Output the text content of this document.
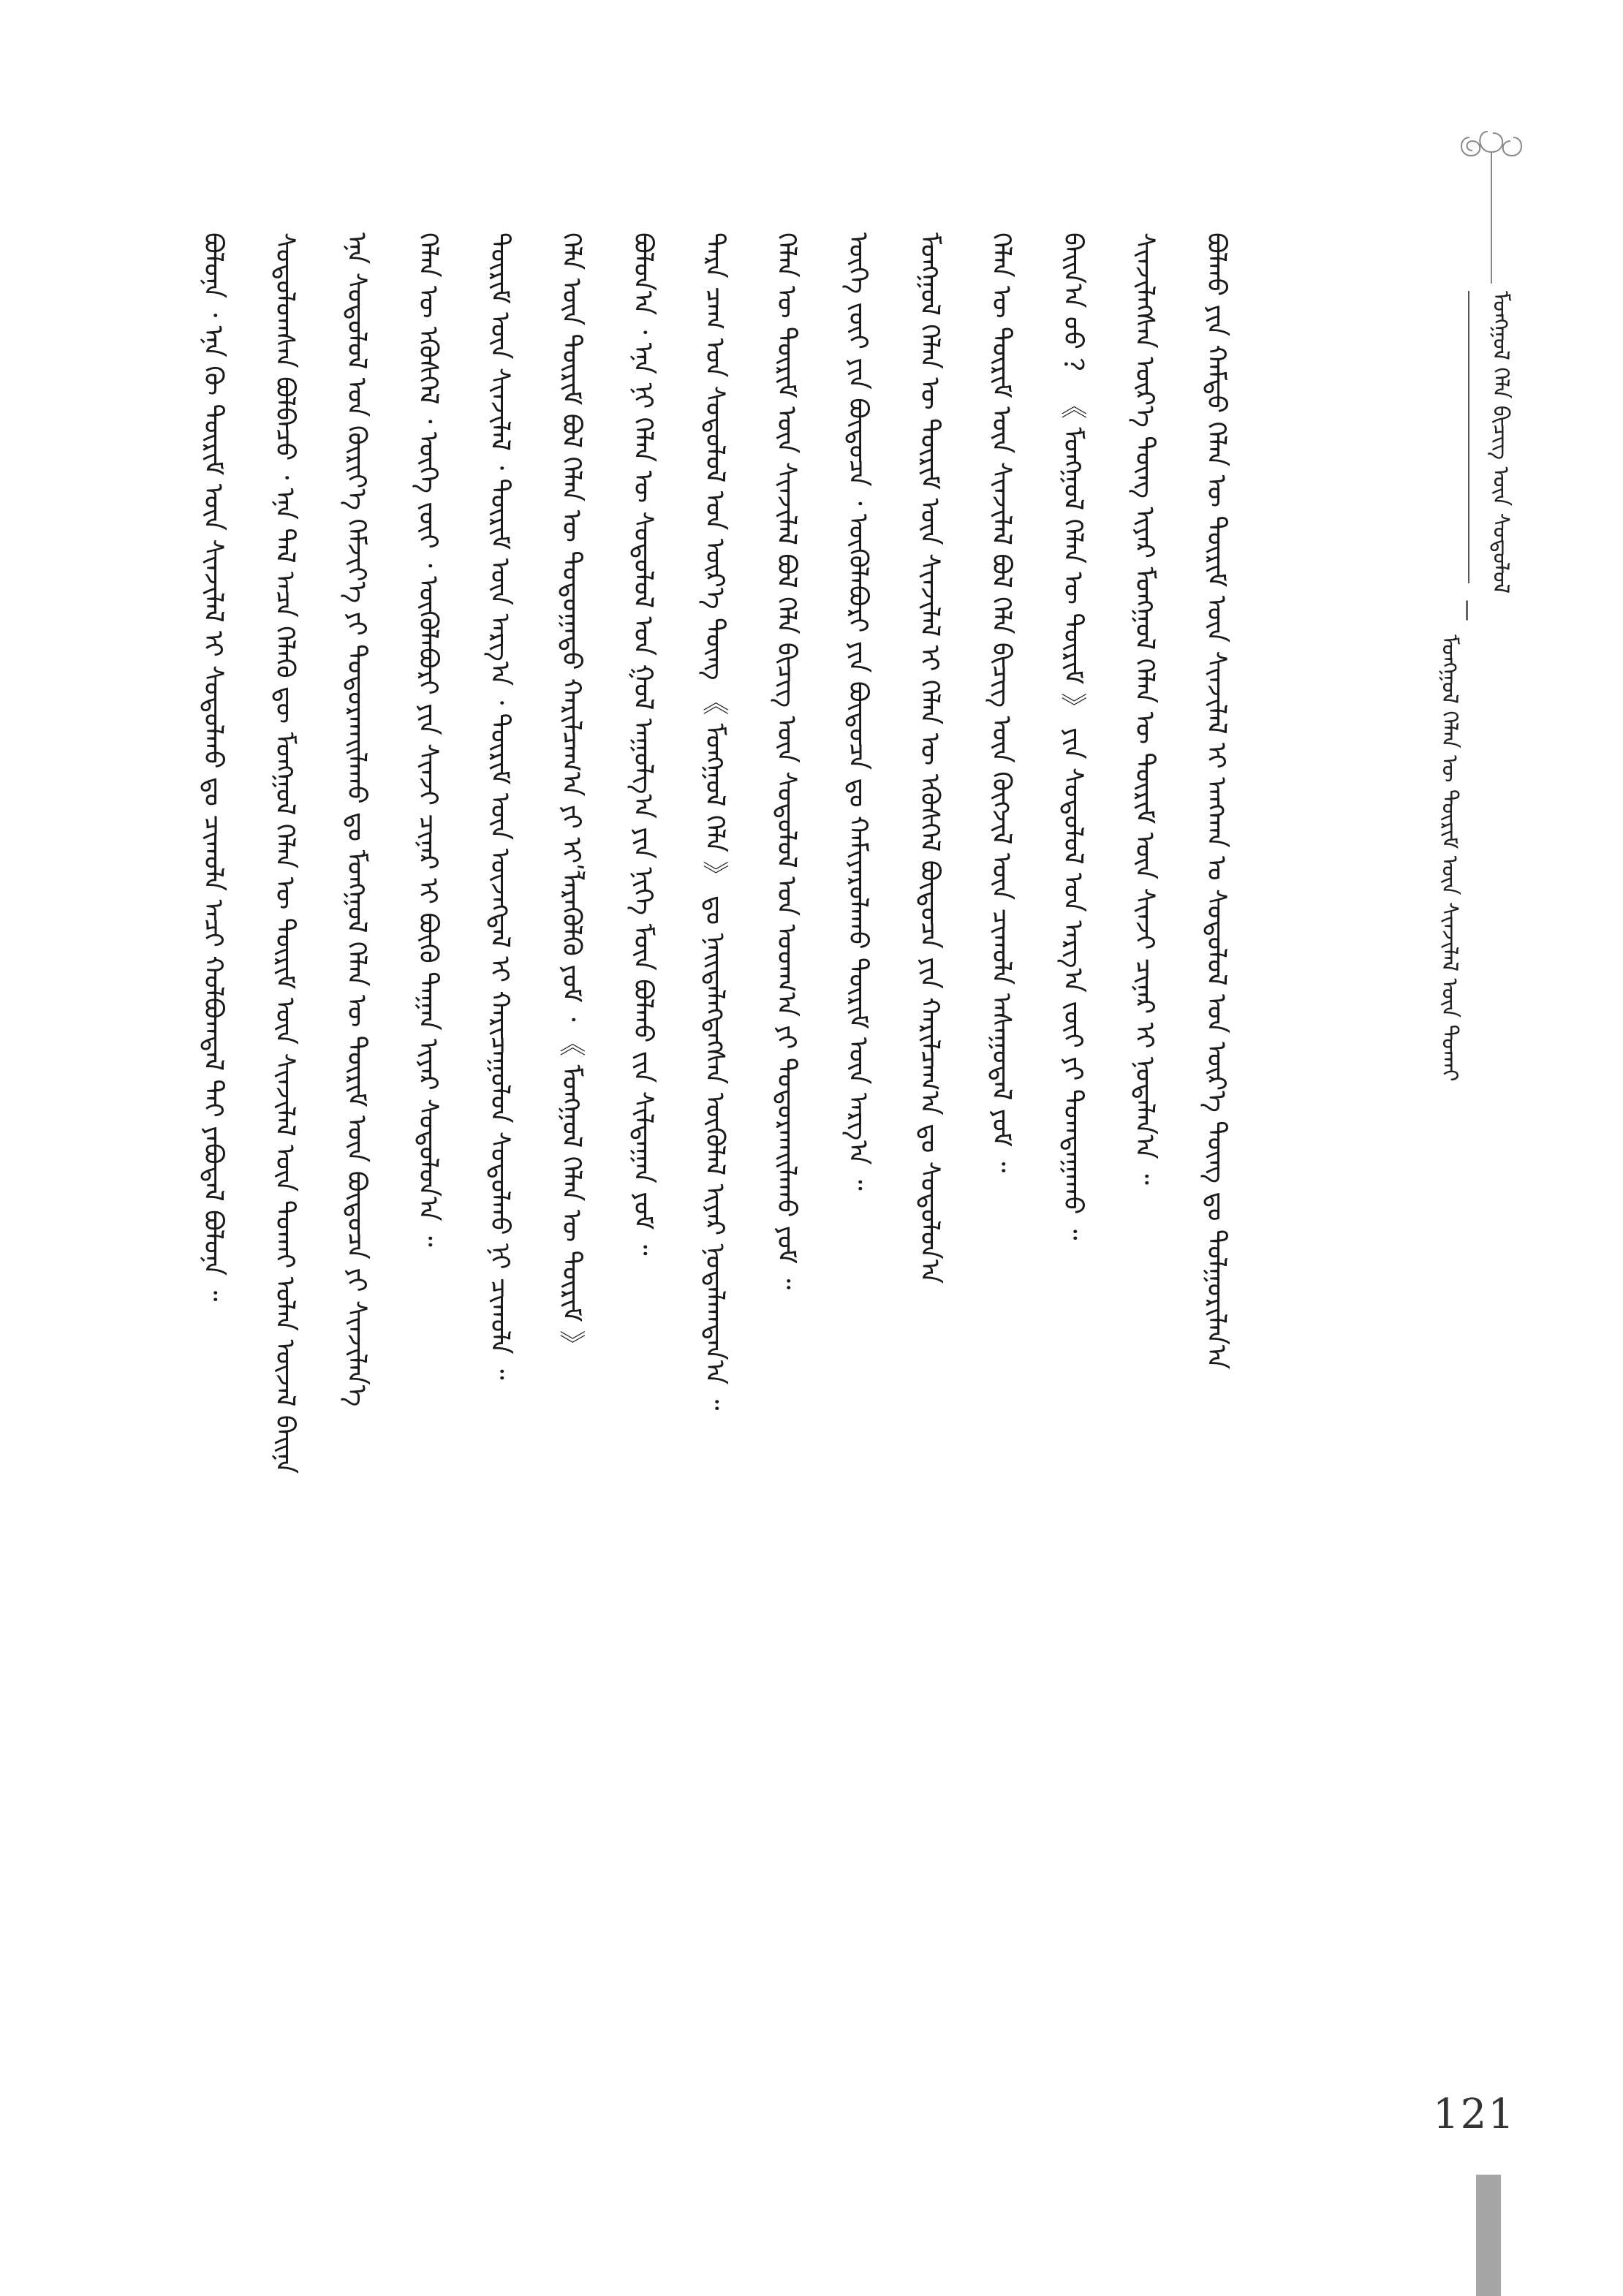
ᠮᠣᠩᠭᠣᠯ ᠬᠡᠯᠡ ᠪᠢᠴᠢᠭ ᠦᠨ ᠰᠤᠳᠤᠯᠤᠯ
—
ᠮᠣᠩᠭᠣᠯ ᠬᠡᠯᠡᠨ ᠦ ᠳᠦᠷᠢᠮ ᠦᠨ ᠰᠢᠨᠵᠢᠯᠡᠯ ᠦᠨ ᠲᠤᠬᠠᠢ
ᠪᠣᠯᠤᠨᠠ ᠂ ᠡᠨᠡ ᠬᠦ ᠳᠦᠷᠢᠮ ᠦᠨ ᠰᠢᠨᠵᠢᠯᠡᠯ ᠢ ᠰᠤᠳᠤᠯᠬᠤ ᠳᠤ ᠴᠢᠬᠤᠯᠠ ᠠᠴᠢ ᠬᠣᠯᠪᠣᠭᠳᠠᠯ ᠲᠠᠢ ᠶᠠᠪᠤᠳᠠᠯ ᠪᠣᠯᠤᠨᠠ ᠃ ᠰᠤᠳᠤᠯᠤᠭᠰᠠᠨ ᠪᠣᠯᠪᠠᠴᠤ ᠂ ᠡᠨᠡ ᠲᠠᠯ ᠠᠴᠠ ᠬᠡᠯᠡᠬᠦ ᠳᠦ ᠮᠣᠩᠭᠣᠯ ᠬᠡᠯᠡᠨ ᠦ ᠳᠦᠷᠢᠮ ᠦᠨ ᠰᠢᠨᠵᠢᠯᠡᠯ ᠦᠨ ᠲᠣᠬᠠᠢ ᠣᠯᠠᠨ ᠦᠵᠡᠯ ᠪᠠᠢᠨᠠ ᠡᠨᠡ ᠰᠤᠳᠤᠯᠤᠯ ᠤᠨ ᠬᠦᠷᠢᠶ᠎ᠡ ᠬᠡᠮᠵᠢᠶ᠎ᠡ ᠶᠢ ᠲᠣᠳᠤᠷᠬᠠᠢᠯᠠᠬᠤ ᠳᠤ ᠮᠣᠩᠭᠣᠯ ᠬᠡᠯᠡᠨ ᠦ ᠳᠦᠷᠢᠮ ᠦᠨ ᠪᠦᠲᠦᠴᠡ ᠶᠢ ᠰᠢᠨᠵᠢᠯᠡᠨ᠎ᠡ ᠬᠡᠯᠡᠨ ᠦ ᠡᠭᠦᠰᠭᠡᠯ ᠂ ᠦᠭᠡ ᠵᠦᠢ ᠂ ᠦᠭᠦᠯᠡᠪᠦᠷᠢ ᠶᠢᠨ ᠰᠢᠨᠵᠢ ᠴᠢᠨᠠᠷ ᠢ ᠪᠦᠬᠦ ᠳᠠᠭᠠᠨ ᠢᠶᠠᠷ ᠰᠤᠳᠤᠯᠤᠨ᠎ᠠ ᠃ ᠳᠦᠷᠢᠮ ᠦᠨ ᠰᠢᠨᠵᠢᠯᠡᠯ ᠂ ᠳᠦᠷᠢᠮ ᠦᠨ ᠠᠷᠭ᠎ᠠ ᠂ ᠳᠦᠷᠢᠮ ᠦᠨ ᠦᠵᠡᠭᠳᠡᠯ ᠢ ᠬᠠᠷᠢᠴᠠᠭᠤᠯᠤᠨ ᠰᠤᠳᠤᠯᠬᠤ ᠨᠢ ᠴᠢᠬᠤᠯᠠ ᠃ ᠬᠡᠯᠡ ᠦᠨ ᠳᠦᠷᠢᠮ ᠪᠣᠯ ᠬᠡᠯᠡᠨ ᠦ ᠳᠣᠲᠣᠭᠠᠳᠤ ᠬᠠᠷᠢᠯᠴᠠᠭ᠎ᠠ ᠶᠢ ᠢʹᠯᠡᠷᠡᠭᠦᠯᠬᠦ ᠶᠤᠮ ᠂ 《 ᠮᠣᠩᠭᠣᠯ ᠬᠡᠯᠡᠨ ᠦ ᠳᠦᠷᠢᠮ 》 ᠪᠣᠯᠤᠨ᠎ᠠ ᠂ ᠡᠨᠡ ᠨᠢ ᠬᠡᠯᠡᠨ ᠦ ᠰᠤᠳᠤᠯᠤᠯ ᠤᠨ ᠭᠣᠯ ᠠᠭᠤᠯᠭ᠎ᠠ ᠶᠢᠨ ᠨᠢᠭᠡ ᠮᠥᠨ ᠪᠣᠯᠬᠤ ᠵᠢᠨ ᠰᠢᠯᠲᠠᠭᠠᠨ ᠶᠤᠮ ᠃ ᠲᠡᠷᠡ ᠴᠠᠭ ᠤᠨ ᠰᠤᠳᠤᠯᠤᠯ ᠤᠨ ᠦᠷ᠎ᠡ ᠳᠦᠩ 《 ᠮᠣᠩᠭᠣᠯ ᠬᠡᠯᠡ 》 ᠳᠤ ᠨᠡᠢᠲᠡᠯᠡᠭᠳᠡᠭᠰᠡᠨ ᠥᠭᠦᠯᠡᠯ ᠢᠶᠡᠷ ᠨᠣᠲᠠᠯᠠᠭᠳᠠᠨ᠎ᠠ ᠃ ᠬᠡᠯᠡᠨ ᠦ ᠳᠦᠷᠢᠮ ᠦᠨ ᠰᠢᠨᠵᠢᠯᠡᠯ ᠪᠣᠯ ᠬᠡᠯᠡ ᠪᠢᠴᠢᠭ ᠦᠨ ᠰᠤᠳᠤᠯᠤᠯ ᠤᠨ ᠤᠳᠬ᠎ᠠ ᠶᠢ ᠲᠣᠳᠤᠷᠬᠠᠢᠯᠠᠬᠤ ᠶᠤᠮ ᠃ ᠦᠭᠡ ᠵᠦᠢ ᠶᠢᠨ ᠪᠦᠲᠦᠴᠡ ᠂ ᠦᠭᠦᠯᠡᠪᠦᠷᠢ ᠶᠢᠨ ᠪᠦᠲᠦᠴᠡ ᠳᠤ ᠬᠠᠮᠢᠶᠠᠷᠤᠯᠠᠬᠤ ᠳᠦᠷᠢᠮ ᠦᠨ ᠠᠷᠭ᠎ᠠ ᠃ ᠮᠣᠩᠭᠣᠯ ᠬᠡᠯᠡᠨ ᠦ ᠳᠦᠷᠢᠮ ᠦᠨ ᠰᠢᠨᠵᠢᠯᠡᠯ ᠢ ᠬᠡᠯᠡᠨ ᠦ ᠡᠭᠦᠰᠭᠡᠯ ᠪᠦᠲᠦᠴᠡ ᠶᠢᠨ ᠬᠠᠷᠢᠯᠴᠠᠭ᠎ᠠ ᠳᠤ ᠰᠤᠳᠤᠯᠤᠨ᠎ᠠ ᠬᠡᠯᠡᠨ ᠦ ᠳᠦᠷᠢᠮ ᠦᠨ ᠰᠢᠨᠵᠢᠯᠡᠯ ᠪᠣᠯ ᠬᠡᠯᠡ ᠪᠢᠴᠢᠭ ᠦᠨ ᠬᠥᠭᠵᠢᠯ ᠦᠨ ᠴᠢᠬᠤᠯᠠ ᠠᠰᠠᠭᠤᠳᠠᠯ ᠶᠤᠮ ᠃ ᠪᠠᠢᠨ᠎ᠠ ᠦᠦ ？ 《 ᠮᠣᠩᠭᠣᠯ ᠬᠡᠯᠡᠨ ᠦ ᠳᠦᠷᠢᠮ 》 ᠶᠢᠨ ᠰᠤᠳᠤᠯᠤᠯ ᠤᠨ ᠠᠷᠭ᠎ᠠ ᠵᠦᠢ ᠶᠢ ᠲᠣᠭᠲᠠᠭᠠᠬᠤ ᠃ ᠰᠢᠨᠵᠢᠯᠡᠭᠰᠡᠨ ᠦᠷ᠎ᠡ ᠳᠦᠩ ᠢᠶᠡᠷ ᠮᠣᠩᠭᠣᠯ ᠬᠡᠯᠡᠨ ᠦ ᠳᠦᠷᠢᠮ ᠦᠨ ᠰᠢᠨᠵᠢ ᠴᠢᠨᠠᠷ ᠢ ᠨᠣᠳᠠᠯᠠᠨ᠎ᠠ ᠃ ᠪᠣᠯᠬᠤ ᠶᠢᠨ ᠬᠠᠮᠲᠤ ᠬᠡᠯᠡᠨ ᠦ ᠳᠦᠷᠢᠮ ᠦᠨ ᠰᠢᠨᠵᠢᠯᠡᠯ ᠢ ᠠᠨᠭᠬᠠᠨ ᠤ ᠰᠤᠳᠤᠯᠤᠯ ᠤᠨ ᠦᠷ᠎ᠡ ᠳᠦᠩ ᠳᠤ ᠲᠤᠯᠭᠤᠷᠢᠯᠠᠨ᠎ᠠ
121
